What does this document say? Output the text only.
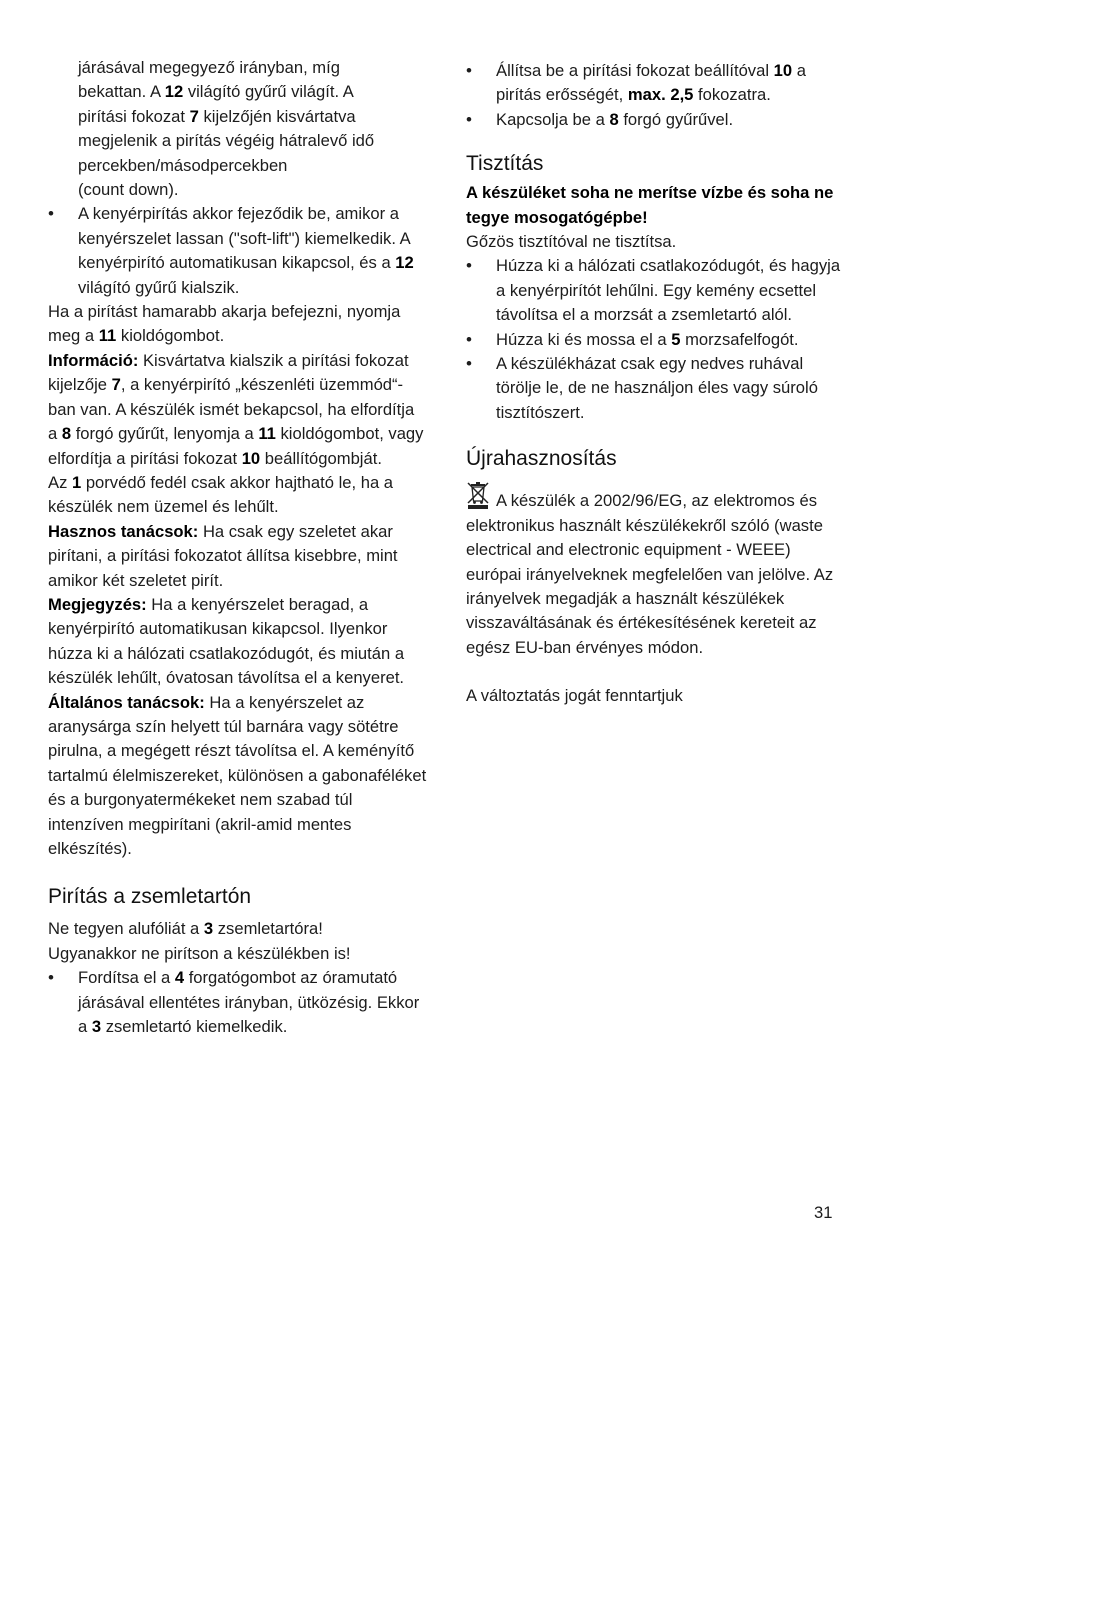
járásával megegyező irányban, míg
bekattan. A 12 világító gyűrű világít. A
pirítási fokozat 7 kijelzőjén kisvártatva
megjelenik a pirítás végéig hátralevő idő
percekben/másodpercekben
(count down).

• A kenyérpirítás akkor fejeződik be, amikor a kenyérszelet lassan ("soft-lift") kiemelkedik. A kenyérpirító automatikusan kikapcsol, és a 12 világító gyűrű kialszik.

Ha a pirítást hamarabb akarja befejezni, nyomja meg a 11 kioldógombot.

Információ: Kisvártatva kialszik a pirítási fokozat kijelzője 7, a kenyérpirító „készenléti üzemmód“-ban van. A készülék ismét bekapcsol, ha elfordítja a 8 forgó gyűrűt, lenyomja a 11 kioldógombot, vagy elfordítja a pirítási fokozat 10 beállítógombját.

Az 1 porvédő fedél csak akkor hajtható le, ha a készülék nem üzemel és lehűlt.

Hasznos tanácsok: Ha csak egy szeletet akar pirítani, a pirítási fokozatot állítsa kisebbre, mint amikor két szeletet pirít.

Megjegyzés: Ha a kenyérszelet beragad, a kenyérpirító automatikusan kikapcsol. Ilyenkor húzza ki a hálózati csatlakozódugót, és miután a készülék lehűlt, óvatosan távolítsa el a kenyeret.

Általános tanácsok: Ha a kenyérszelet az aranysárga szín helyett túl barnára vagy sötétre pirulna, a megégett részt távolítsa el. A keményítő tartalmú élelmiszereket, különösen a gabonaféléket és a burgonyatermékeket nem szabad túl intenzíven megpirítani (akril-amid mentes elkészítés).

Pirítás a zsemletartón

Ne tegyen alufóliát a 3 zsemletartóra!
Ugyanakkor ne pirítson a készülékben is!

• Fordítsa el a 4 forgatógombot az óramutató járásával ellentétes irányban, ütközésig. Ekkor a 3 zsemletartó kiemelkedik.

• Állítsa be a pirítási fokozat beállítóval 10 a pirítás erősségét, max. 2,5 fokozatra.

• Kapcsolja be a 8 forgó gyűrűvel.

Tisztítás

A készüléket soha ne merítse vízbe és soha ne tegye mosogatógépbe!

Gőzös tisztítóval ne tisztítsa.

• Húzza ki a hálózati csatlakozódugót, és hagyja a kenyérpirítót lehűlni. Egy kemény ecsettel távolítsa el a morzsát a zsemletartó alól.

• Húzza ki és mossa el a 5 morzsafelfogót.

• A készülékházat csak egy nedves ruhával törölje le, de ne használjon éles vagy súroló tisztítószert.

Újrahasznosítás

A készülék a 2002/96/EG, az elektromos és elektronikus használt készülékekről szóló (waste electrical and electronic equipment - WEEE) európai irányelveknek megfelelően van jelölve. Az irányelvek megadják a használt készülékek visszaváltásának és értékesítésének kereteit az egész EU-ban érvényes módon.

A változtatás jogát fenntartjuk

31
